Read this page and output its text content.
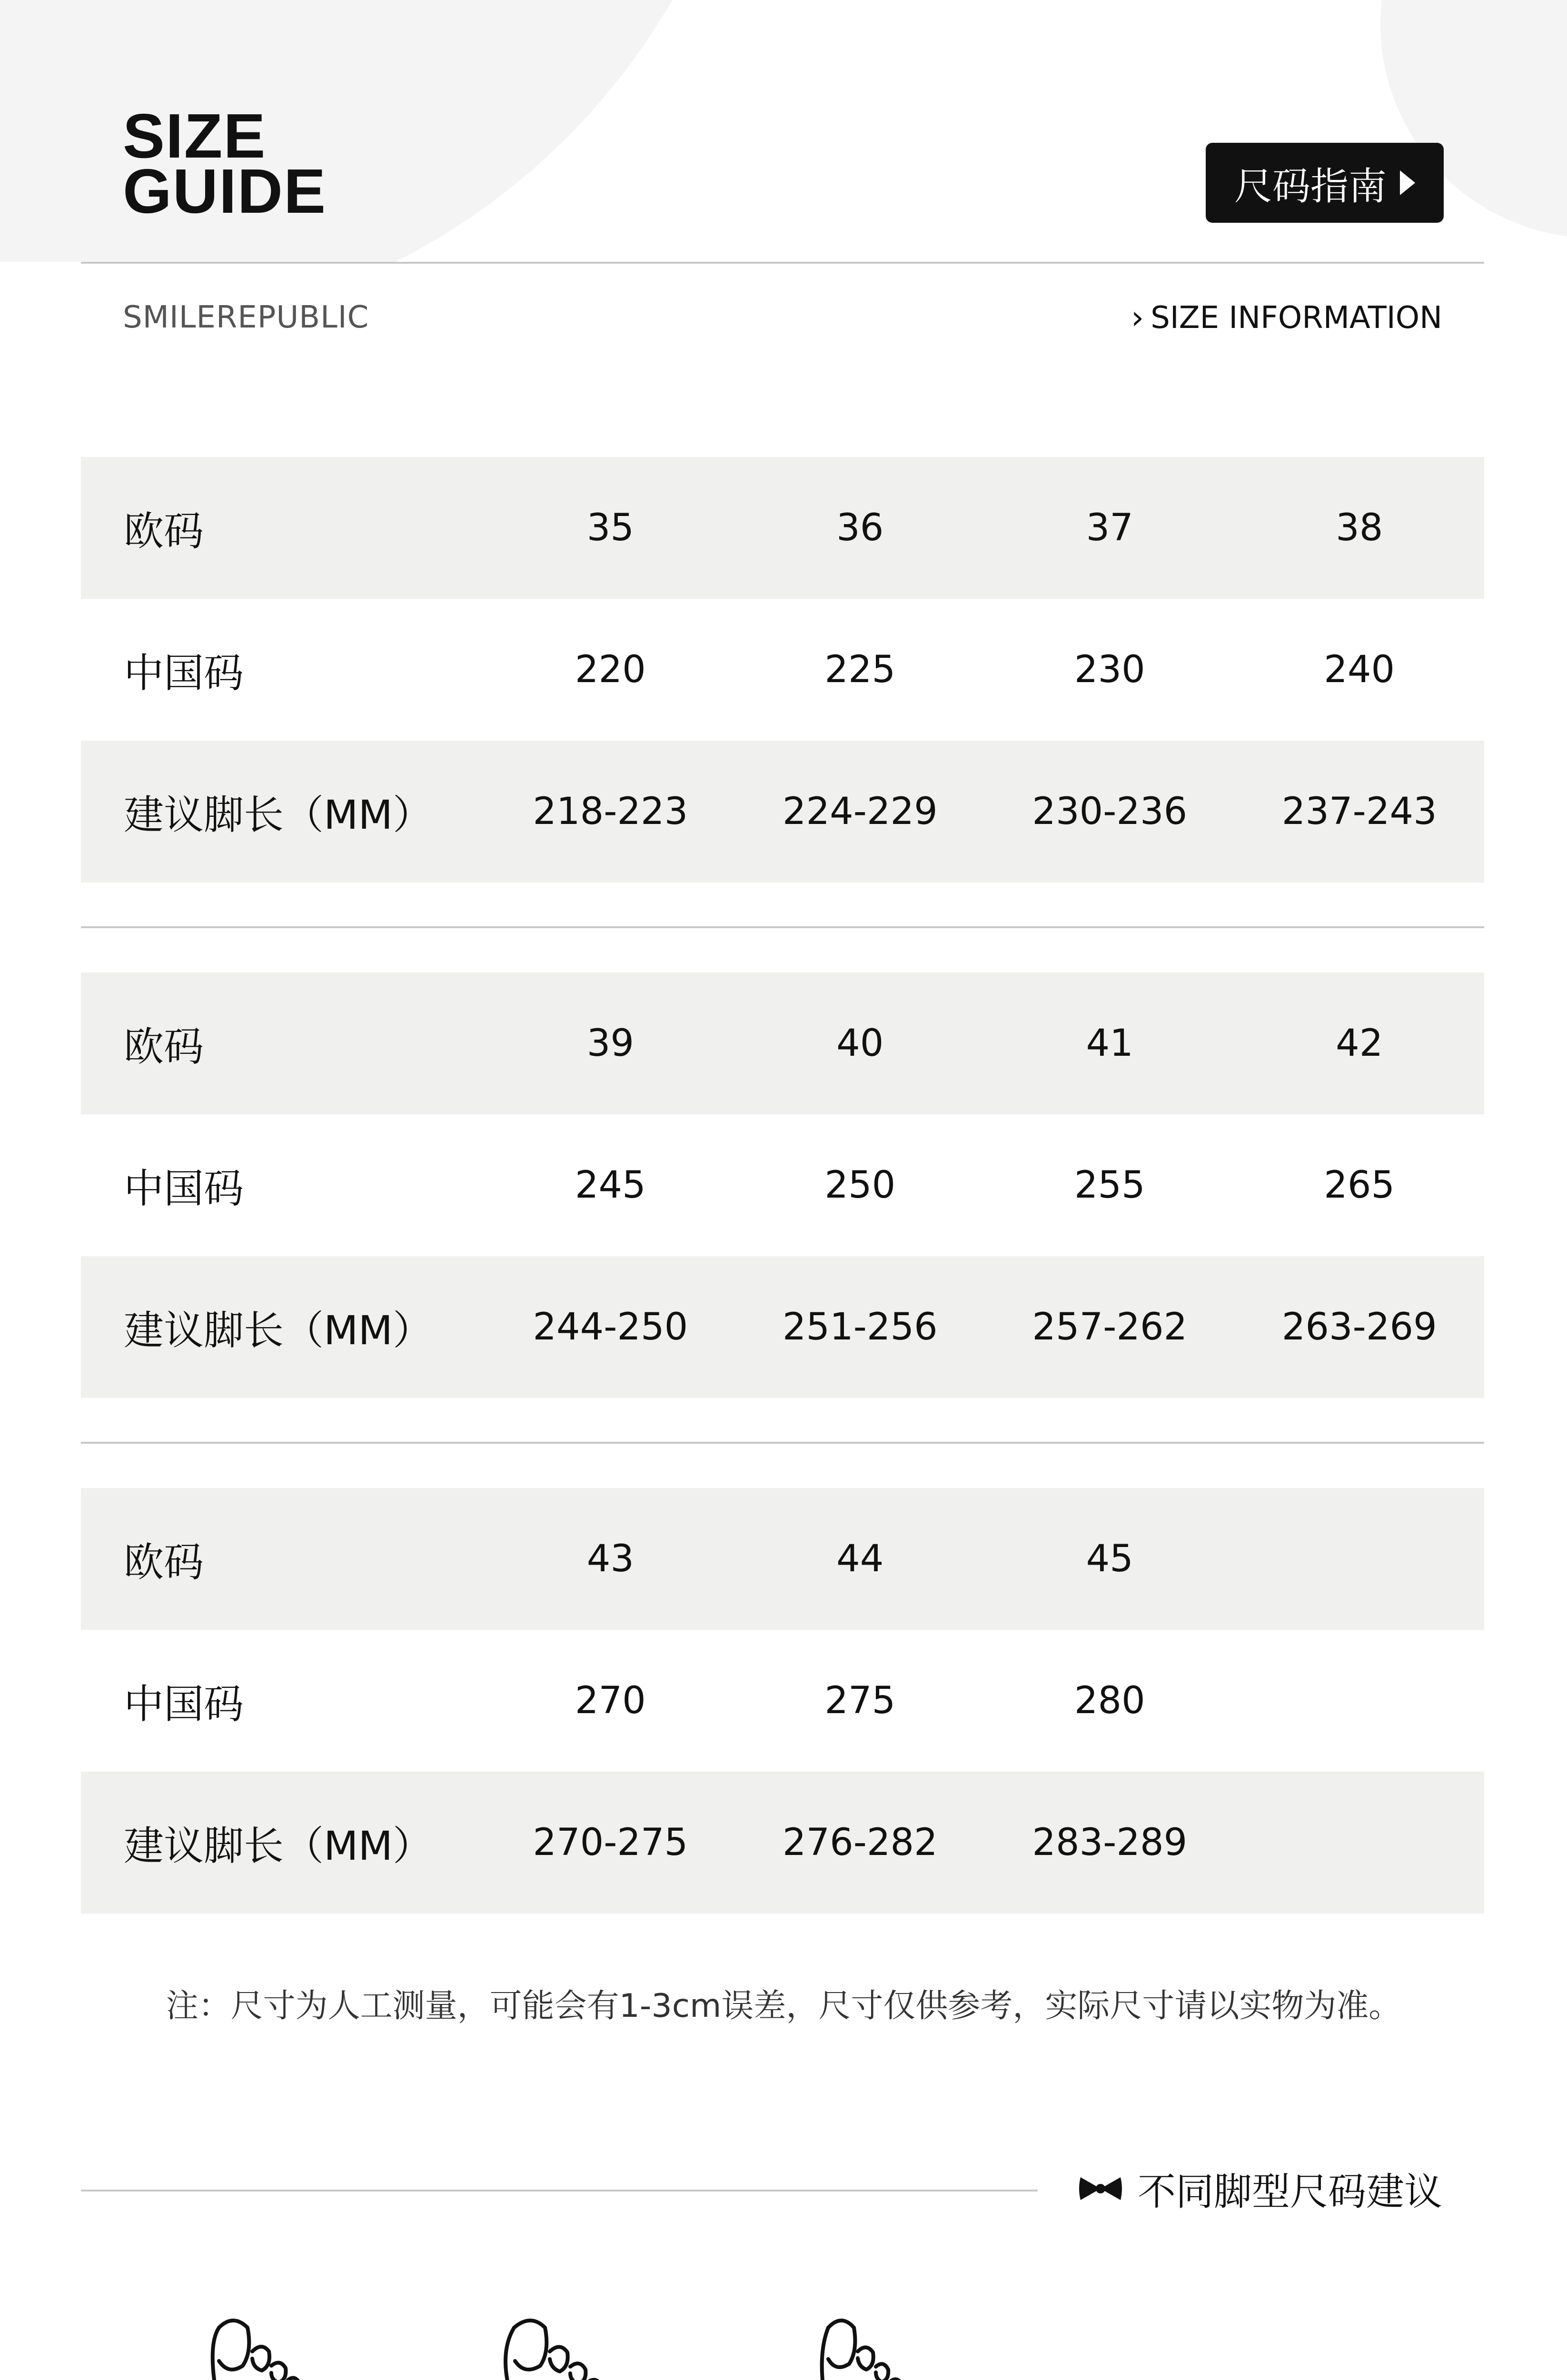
SIZE
GUIDE	尺码指南
SMILEREPUBLIC	› SIZE INFORMATION
欧码	35	36	37	38
中国码	220	225	230	240
建议脚长（MM）	218-223	224-229	230-236	237-243
欧码	39	40	41	42
中国码	245	250	255	265
建议脚长（MM）	244-250	251-256	257-262	263-269
欧码	43	44	45
中国码	270	275	280
建议脚长（MM）	270-275	276-282	283-289
注：尺寸为人工测量，可能会有1-3cm误差，尺寸仅供参考，实际尺寸请以实物为准。
不同脚型尺码建议
